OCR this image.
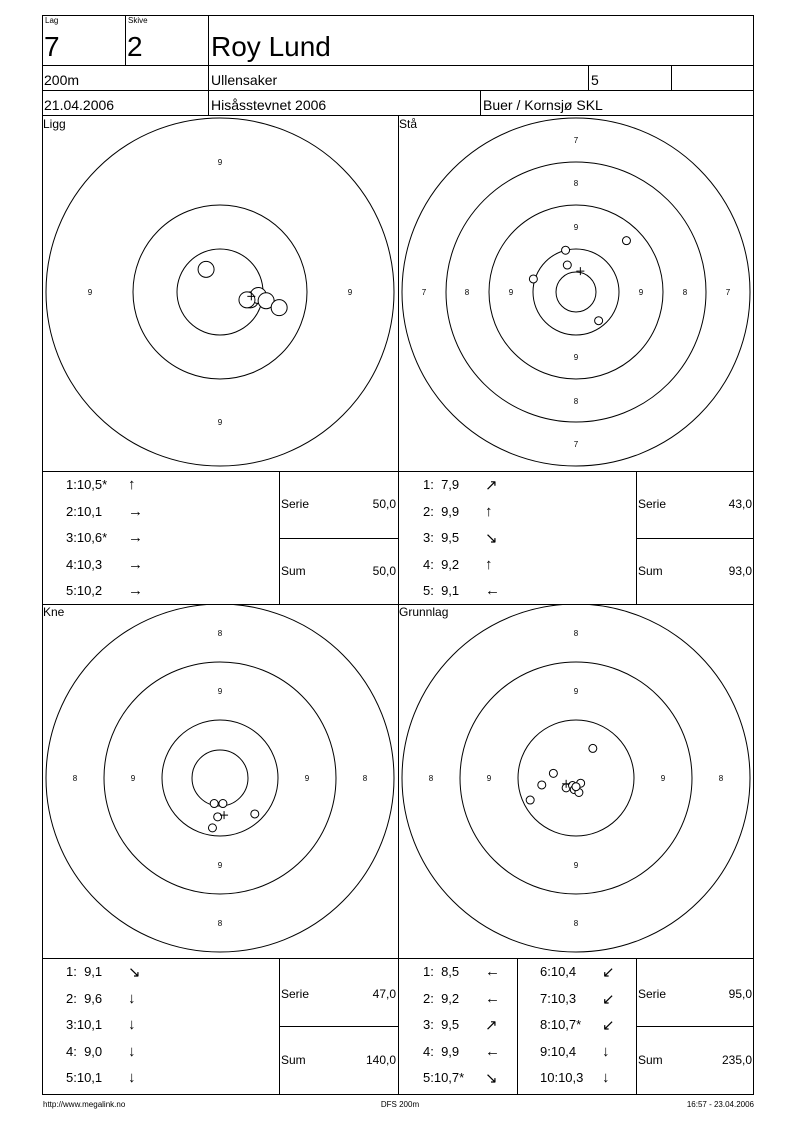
Lag
7
Skive
2 Roy Lund
200m	Ullensaker	5
21.04.2006	Hisåsstevnet 2006	Buer / Kornsjø SKL
Ligg	Stå
Kne	Grunnlag
9
9
9	9
7
7
7	7
8
8
8	8
9
9
9	9
8
8
8	8
9
9
9	9
8
8
8	8
9
9
9	9
Serie	50,0
Sum	50,0
Serie	43,0
Sum	93,0
Serie	47,0
Sum	140,0
Serie	95,0
Sum	235,0
1:10,5* ↑
2:10,1 →
3:10,6* →
4:10,3 →
5:10,2 →
1:  7,9 ↗
2:  9,9 ↑
3:  9,5 ↘
4:  9,2 ↑
5:  9,1 ←
1:  9,1 ↘
2:  9,6 ↓
3:10,1 ↓
4:  9,0 ↓
5:10,1 ↓
1:  8,5 ←
2:  9,2 ←
3:  9,5 ↗
4:  9,9 ←
5:10,7* ↘
6:10,4 ↙
7:10,3 ↙
8:10,7* ↙
9:10,4 ↓
10:10,3 ↓
http://www.megalink.no	DFS 200m	16:57 - 23.04.2006
